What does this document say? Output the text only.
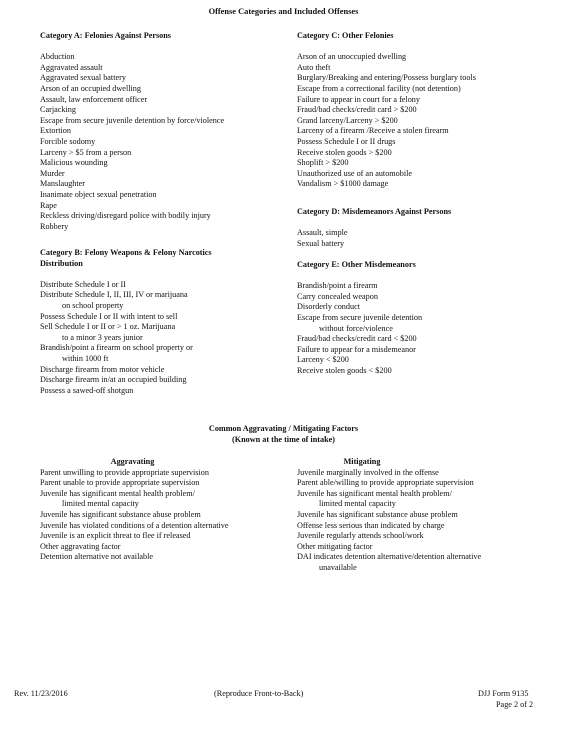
Offense Categories and Included Offenses
Category A: Felonies Against Persons
Abduction
Aggravated assault
Aggravated sexual battery
Arson of an occupied dwelling
Assault, law enforcement officer
Carjacking
Escape from secure juvenile detention by force/violence
Extortion
Forcible sodomy
Larceny > $5 from a person
Malicious wounding
Murder
Manslaughter
Inanimate object sexual penetration
Rape
Reckless driving/disregard police with bodily injury
Robbery
Category B: Felony Weapons & Felony Narcotics
Distribution
Distribute Schedule I or II
Distribute Schedule I, II, III, IV or marijuana
on school property
Possess Schedule I or II with intent to sell
Sell Schedule I or II or > 1 oz. Marijuana
to a minor 3 years junior
Brandish/point a firearm on school property or
within 1000 ft
Discharge firearm from motor vehicle
Discharge firearm in/at an occupied building
Possess a sawed-off shotgun
Category C: Other Felonies
Arson of an unoccupied dwelling
Auto theft
Burglary/Breaking and entering/Possess burglary tools
Escape from a correctional facility (not detention)
Failure to appear in court for a felony
Fraud/bad checks/credit card > $200
Grand larceny/Larceny > $200
Larceny of a firearm /Receive a stolen firearm
Possess Schedule I or II drugs
Receive stolen goods > $200
Shoplift > $200
Unauthorized use of an automobile
Vandalism > $1000 damage
Category D: Misdemeanors Against Persons
Assault, simple
Sexual battery
Category E: Other Misdemeanors
Brandish/point a firearm
Carry concealed weapon
Disorderly conduct
Escape from secure juvenile detention
without force/violence
Fraud/bad checks/credit card < $200
Failure to appear for a misdemeanor
Larceny < $200
Receive stolen goods < $200
Common Aggravating / Mitigating Factors
(Known at the time of intake)
Aggravating
Parent unwilling to provide appropriate supervision
Parent unable to provide appropriate supervision
Juvenile has significant mental health problem/
limited mental capacity
Juvenile has significant substance abuse problem
Juvenile has violated conditions of a detention alternative
Juvenile is an explicit threat to flee if released
Other aggravating factor
Detention alternative not available
Mitigating
Juvenile marginally involved in the offense
Parent able/willing to provide appropriate supervision
Juvenile has significant mental health problem/
limited mental capacity
Juvenile has significant substance abuse problem
Offense less serious than indicated by charge
Juvenile regularly attends school/work
Other mitigating factor
DAI indicates detention alternative/detention alternative
unavailable
Rev. 11/23/2016	(Reproduce Front-to-Back)	DJJ Form 9135
Page 2 of 2
